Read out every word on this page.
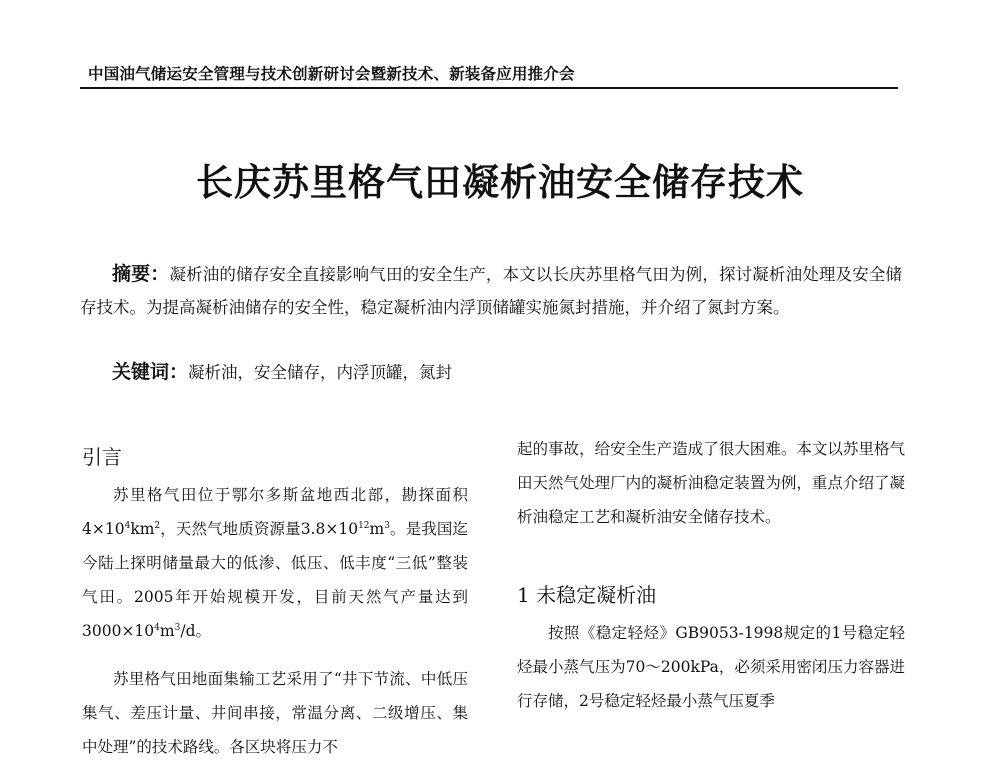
中国油气储运安全管理与技术创新研讨会暨新技术、新装备应用推介会
长庆苏里格气田凝析油安全储存技术
摘要：凝析油的储存安全直接影响气田的安全生产，本文以长庆苏里格气田为例，探讨凝析油处理及安全储存技术。为提高凝析油储存的安全性，稳定凝析油内浮顶储罐实施氮封措施，并介绍了氮封方案。
关键词：凝析油，安全储存，内浮顶罐，氮封
引言

苏里格气田位于鄂尔多斯盆地西北部，勘探面积$4\times 10^4km^2$，天然气地质资源量$3.8\times 10^{12}m^3$。是我国迄今陆上探明储量最大的低渗、低压、低丰度“三低”整装气田。2005年开始规模开发，目前天然气产量达到$3000\times 10^4m^3/d$。

苏里格气田地面集输工艺采用了“井下节流、中低压集气、差压计量、井间串接，常温分离、二级增压、集中处理”的技术路线。各区块将压力不

起的事故，给安全生产造成了很大困难。本文以苏里格气田天然气处理厂内的凝析油稳定装置为例，重点介绍了凝析油稳定工艺和凝析油安全储存技术。

1 未稳定凝析油

按照《稳定轻烃》GB9053-1998规定的1号稳定轻烃最小蒸气压为70～200kPa，必须采用密闭压力容器进行存储，2号稳定轻烃最小蒸气压夏季
